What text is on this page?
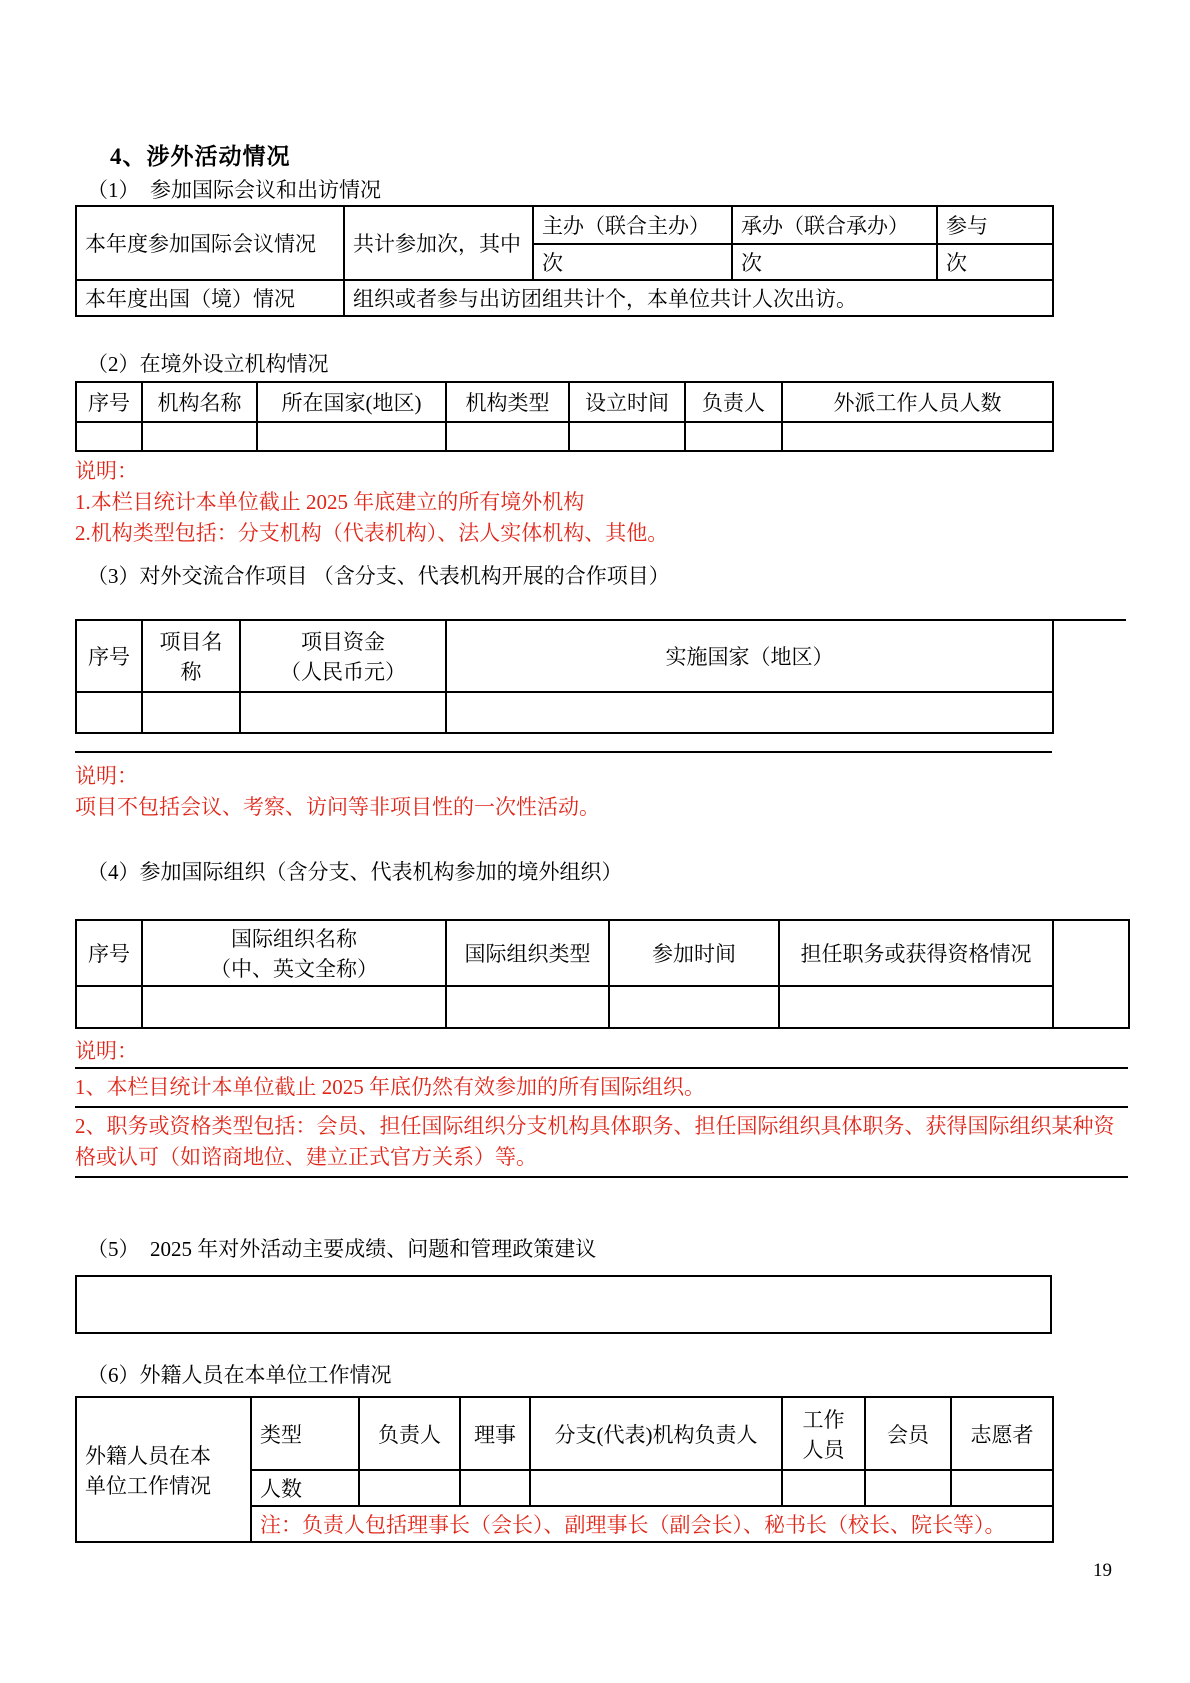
4、涉外活动情况
（1）　参加国际会议和出访情况
本年度参加国际会议情况	共计参加次，其中	主办（联合主办）	承办（联合承办）	参与
		次	次	次
本年度出国（境）情况	组织或者参与出访团组共计个，本单位共计人次出访。			
（2）在境外设立机构情况
序号	机构名称	所在国家(地区)	机构类型	设立时间	负责人	外派工作人员人数

说明：
1.本栏目统计本单位截止 2025 年底建立的所有境外机构
2.机构类型包括：分支机构（代表机构）、法人实体机构、其他。
（3）对外交流合作项目 （含分支、代表机构开展的合作项目）
序号	项目名称	项目资金
（人民币元）	实施国家（地区）	

说明：
项目不包括会议、考察、访问等非项目性的一次性活动。
（4）参加国际组织（含分支、代表机构参加的境外组织）
序号	国际组织名称
（中、英文全称）	国际组织类型	参加时间	担任职务或获得资格情况	

说明：
1、本栏目统计本单位截止 2025 年底仍然有效参加的所有国际组织。
2、职务或资格类型包括：会员、担任国际组织分支机构具体职务、担任国际组织具体职务、获得国际组织某种资格或认可（如谘商地位、建立正式官方关系）等。
（5）　2025 年对外活动主要成绩、问题和管理政策建议
（6）外籍人员在本单位工作情况
外籍人员在本
单位工作情况	类型	负责人	理事	分支(代表)机构负责人	工作
人员	会员	志愿者
	人数						
	注：负责人包括理事长（会长）、副理事长（副会长）、秘书长（校长、院长等）。						
19
